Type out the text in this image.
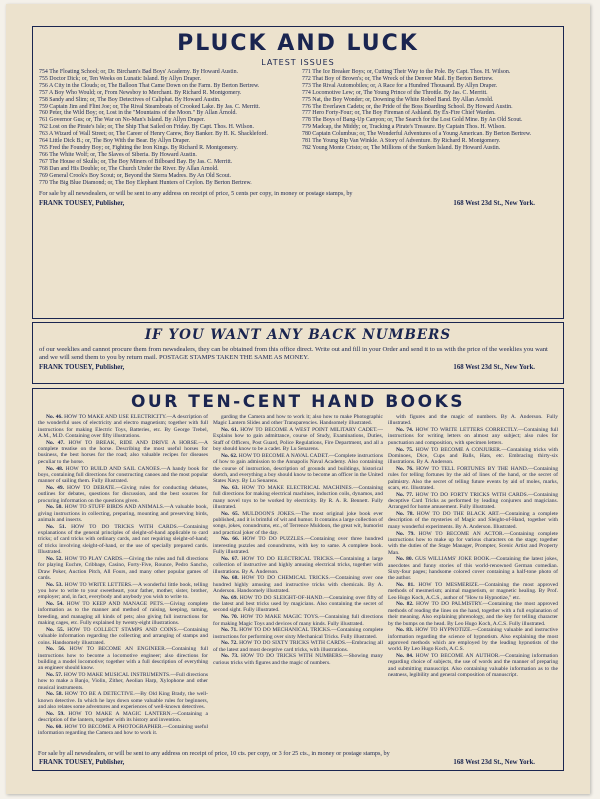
PLUCK AND LUCK
LATEST ISSUES
754 The Floating School; or, Dr. Bircham's Bad Boys' Academy. By Howard Austin.
755 Doctor Dick; or, Ten Weeks on Lunatic Island. By Allyn Draper.
756 A City in the Clouds; or, The Balloon That Came Down on the Farm. By Berton Bertrew.
757 A Boy Who Would; or, From Newsboy to Merchant. By Richard R. Montgomery.
758 Sandy and Slim; or, The Boy Detectives of Caliphat. By Howard Austin.
759 Captain Jim and Flint Joe; or, The Rival Steamboats of Crooked Lake. By Jas. C. Merritt.
760 Peter, the Wild Boy; or, Lost in the "Mountains of the Moon." By Allan Arnold.
761 Governor Gus; or, The War on No-Man's Island. By Allyn Draper.
762 Lost on the Pirate's Isle; or, The Ship That Sailed on Friday. By Capt. Thos. H. Wilson.
763 A Wizard of Wall Street; or, The Career of Henry Carew, Boy Banker. By H. K. Shackleford.
764 Little Dick B.; or, The Boy With the Bear. By Allyn Draper.
765 Fred the Foundry Boy; or, Fighting the Iron Kings. By Richard R. Montgomery.
766 The White Wolf; or, The Slaves of Siberia. By Howard Austin.
767 The House of Skulls; or, The Boy Miners of Bilboard Bay. By Jas. C. Merritt.
768 Dan and His Double; or, The Church Under the River. By Allan Arnold.
769 General Crook's Boy Scout; or, Beyond the Sierra Madres. By An Old Scout.
770 The Big Blue Diamond; or, The Boy Elephant Hunters of Ceylon. By Berton Bertrew.
771 The Ice Breaker Boys; or, Cutting Their Way to the Pole. By Capt. Thos. H. Wilson.
772 That Boy of Brown's; or, The Wreck of the Denver Mail. By Berton Bertrew.
773 The Rival Automobiles; or, A Race for a Hundred Thousand. By Allyn Draper.
774 Locomotive Lew; or, The Young Prince of the Throttle. By Jas. C. Merritt.
775 Nat, the Boy Wonder; or, Downing the White Robed Band. By Allan Arnold.
776 The Everlawn Cadets; or, the Pride of the Boss Boarding School. By Howard Austin.
777 Hero Forty-Four; or, The Boy Fireman of Ashland. By Ex-Fire Chief Warden.
778 The Boys of Bang-Up Canyon; or, The Search for the Lost Gold Mine. By An Old Scout.
779 Madcap, the Middy; or, Tracking a Pirate's Treasure. By Captain Thos. H. Wilson.
780 Captain Columbus; or, The Wonderful Adventures of a Young American. By Berton Bertrew.
781 The Young Rip Van Winkle. A Story of Adventure. By Richard R. Montgomery.
782 Young Monte Cristo; or, The Millions of the Sunken Island. By Howard Austin.
For sale by all newsdealers, or will be sent to any address on receipt of price, 5 cents per copy, in money or postage stamps, by
FRANK TOUSEY, Publisher,	168 West 23d St., New York.
IF YOU WANT ANY BACK NUMBERS
of our weeklies and cannot procure them from newsdealers, they can be obtained from this office direct. Write out and fill in your Order and send it to us with the price of the weeklies you want and we will send them to you by return mail. POSTAGE STAMPS TAKEN THE SAME AS MONEY.
FRANK TOUSEY, Publisher,	168 West 23d St., New York.
OUR TEN-CENT HAND BOOKS
No. 46. HOW TO MAKE AND USE ELECTRICITY.—A description of the wonderful uses of electricity and electro magnetism; together with full instructions for making Electric Toys, Batteries, etc. By George Trebel, A.M., M.D. Containing over fifty illustrations.
No. 47. HOW TO BREAK, RIDE AND DRIVE A HORSE.—A complete treatise on the horse. Describing the most useful horses for business, the best horses for the road; also valuable recipes for diseases peculiar to the horse.
No. 48. HOW TO BUILD AND SAIL CANOES.—A handy book for boys, containing full directions for constructing canoes and the most popular manner of sailing them. Fully illustrated.
No. 49. HOW TO DEBATE.—Giving rules for conducting debates, outlines for debates, questions for discussion, and the best sources for procuring information on the questions given.
No. 50. HOW TO STUFF BIRDS AND ANIMALS.—A valuable book, giving instructions in collecting, preparing, mounting and preserving birds, animals and insects.
No. 51. HOW TO DO TRICKS WITH CARDS.—Containing explanations of the general principles of sleight-of-hand applicable to card tricks; of card tricks with ordinary cards, and not requiring sleight-of-hand; of tricks involving sleight-of-hand, or the use of specially prepared cards. Illustrated.
No. 52. HOW TO PLAY CARDS.—Giving the rules and full directions for playing Euchre, Cribbage, Casino, Forty-Five, Rounce, Pedro Sancho, Draw Poker, Auction Pitch, All Fours, and many other popular games of cards.
No. 53. HOW TO WRITE LETTERS.—A wonderful little book, telling you how to write to your sweetheart, your father, mother, sister, brother, employer; and, in fact, everybody and anybody you wish to write to.
No. 54. HOW TO KEEP AND MANAGE PETS.—Giving complete information as to the manner and method of raising, keeping, taming, breeding, and managing all kinds of pets; also giving full instructions for making cages, etc. Fully explained by twenty-eight illustrations.
No. 55. HOW TO COLLECT STAMPS AND COINS.—Containing valuable information regarding the collecting and arranging of stamps and coins. Handsomely illustrated.
No. 56. HOW TO BECOME AN ENGINEER.—Containing full instructions how to become a locomotive engineer; also directions for building a model locomotive; together with a full description of everything an engineer should know.
No. 57. HOW TO MAKE MUSICAL INSTRUMENTS.—Full directions how to make a Banjo, Violin, Zither, Aeolian Harp, Xylophone and other musical instruments.
No. 58. HOW TO BE A DETECTIVE.—By Old King Brady, the well-known detective. In which he lays down some valuable rules for beginners, and also relates some adventures and experiences of well-known detectives.
No. 59. HOW TO MAKE A MAGIC LANTERN.—Containing a description of the lantern, together with its history and invention.
No. 60. HOW TO BECOME A PHOTOGRAPHER.—Containing useful information regarding the Camera and how to work it.
garding the Camera and how to work it; also how to make Photographic Magic Lantern Slides and other Transparencies. Handsomely illustrated.
No. 61. HOW TO BECOME A WEST POINT MILITARY CADET.—Explains how to gain admittance, course of Study, Examinations, Duties, Staff of Officers, Post Guard, Police Regulations, Fire Department, and all a boy should know to be a cadet. By Lu Senarens.
No. 62. HOW TO BECOME A NAVAL CADET.—Complete instructions of how to gain admission to the Annapolis Naval Academy. Also containing the course of instruction, description of grounds and buildings, historical sketch, and everything a boy should know to become an officer in the United States Navy. By Lu Senarens.
No. 63. HOW TO MAKE ELECTRICAL MACHINES.—Containing full directions for making electrical machines, induction coils, dynamos, and many novel toys to be worked by electricity. By R. A. R. Bennett. Fully illustrated.
No. 65. MULDOON'S JOKES.—The most original joke book ever published, and it is brimful of wit and humor. It contains a large collection of songs, jokes, conundrums, etc., of Terrence Muldoon, the great wit, humorist and practical joker of the day.
No. 66. HOW TO DO PUZZLES.—Containing over three hundred interesting puzzles and conundrums, with key to same. A complete book. Fully illustrated.
No. 67. HOW TO DO ELECTRICAL TRICKS.—Containing a large collection of instructive and highly amusing electrical tricks, together with illustrations. By A. Anderson.
No. 68. HOW TO DO CHEMICAL TRICKS.—Containing over one hundred highly amusing and instructive tricks with chemicals. By A. Anderson. Handsomely illustrated.
No. 69. HOW TO DO SLEIGHT-OF-HAND.—Containing over fifty of the latest and best tricks used by magicians. Also containing the secret of second sight. Fully illustrated.
No. 70. HOW TO MAKE MAGIC TOYS.—Containing full directions for making Magic Toys and devices of many kinds. Fully illustrated.
No. 71. HOW TO DO MECHANICAL TRICKS.—Containing complete instructions for performing over sixty Mechanical Tricks. Fully illustrated.
No. 72. HOW TO DO SIXTY TRICKS WITH CARDS.—Embracing all of the latest and most deceptive card tricks, with illustrations.
No. 73. HOW TO DO TRICKS WITH NUMBERS.—Showing many curious tricks with figures and the magic of numbers.
with figures and the magic of numbers. By A. Anderson. Fully illustrated.
No. 74. HOW TO WRITE LETTERS CORRECTLY.—Containing full instructions for writing letters on almost any subject; also rules for punctuation and composition, with specimen letters.
No. 75. HOW TO BECOME A CONJURER.—Containing tricks with Dominoes, Dice, Cups and Balls, Hats, etc. Embracing thirty-six illustrations. By A. Anderson.
No. 76. HOW TO TELL FORTUNES BY THE HAND.—Containing rules for telling fortunes by the aid of lines of the hand, or the secret of palmistry. Also the secret of telling future events by aid of moles, marks, scars, etc. Illustrated.
No. 77. HOW TO DO FORTY TRICKS WITH CARDS.—Containing deceptive Card Tricks as performed by leading conjurers and magicians. Arranged for home amusement. Fully illustrated.
No. 78. HOW TO DO THE BLACK ART.—Containing a complete description of the mysteries of Magic and Sleight-of-Hand, together with many wonderful experiments. By A. Anderson. Illustrated.
No. 79. HOW TO BECOME AN ACTOR.—Containing complete instructions how to make up for various characters on the stage; together with the duties of the Stage Manager, Prompter, Scenic Artist and Property Man.
No. 80. GUS WILLIAMS' JOKE BOOK.—Containing the latest jokes, anecdotes and funny stories of this world-renowned German comedian. Sixty-four pages; handsome colored cover containing a half-tone photo of the author.
No. 81. HOW TO MESMERIZE.—Containing the most approved methods of mesmerism; animal magnetism, or magnetic healing. By Prof. Leo Hugo Koch, A.C.S., author of "How to Hypnotize," etc.
No. 82. HOW TO DO PALMISTRY.—Containing the most approved methods of reading the lines on the hand, together with a full explanation of their meaning. Also explaining phrenology, and the key for telling character by the bumps on the head. By Leo Hugo Koch, A.C.S. Fully illustrated.
No. 83. HOW TO HYPNOTIZE.—Containing valuable and instructive information regarding the science of hypnotism. Also explaining the most approved methods which are employed by the leading hypnotists of the world. By Leo Hugo Koch, A.C.S.
No. 84. HOW TO BECOME AN AUTHOR.—Containing information regarding choice of subjects, the use of words and the manner of preparing and submitting manuscript. Also containing valuable information as to the neatness, legibility and general composition of manuscript.
For sale by all newsdealers, or will be sent to any address on receipt of price, 10 cts. per copy, or 3 for 25 cts., in money or postage stamps, by
FRANK TOUSEY, Publisher,	168 West 23d St., New York.
